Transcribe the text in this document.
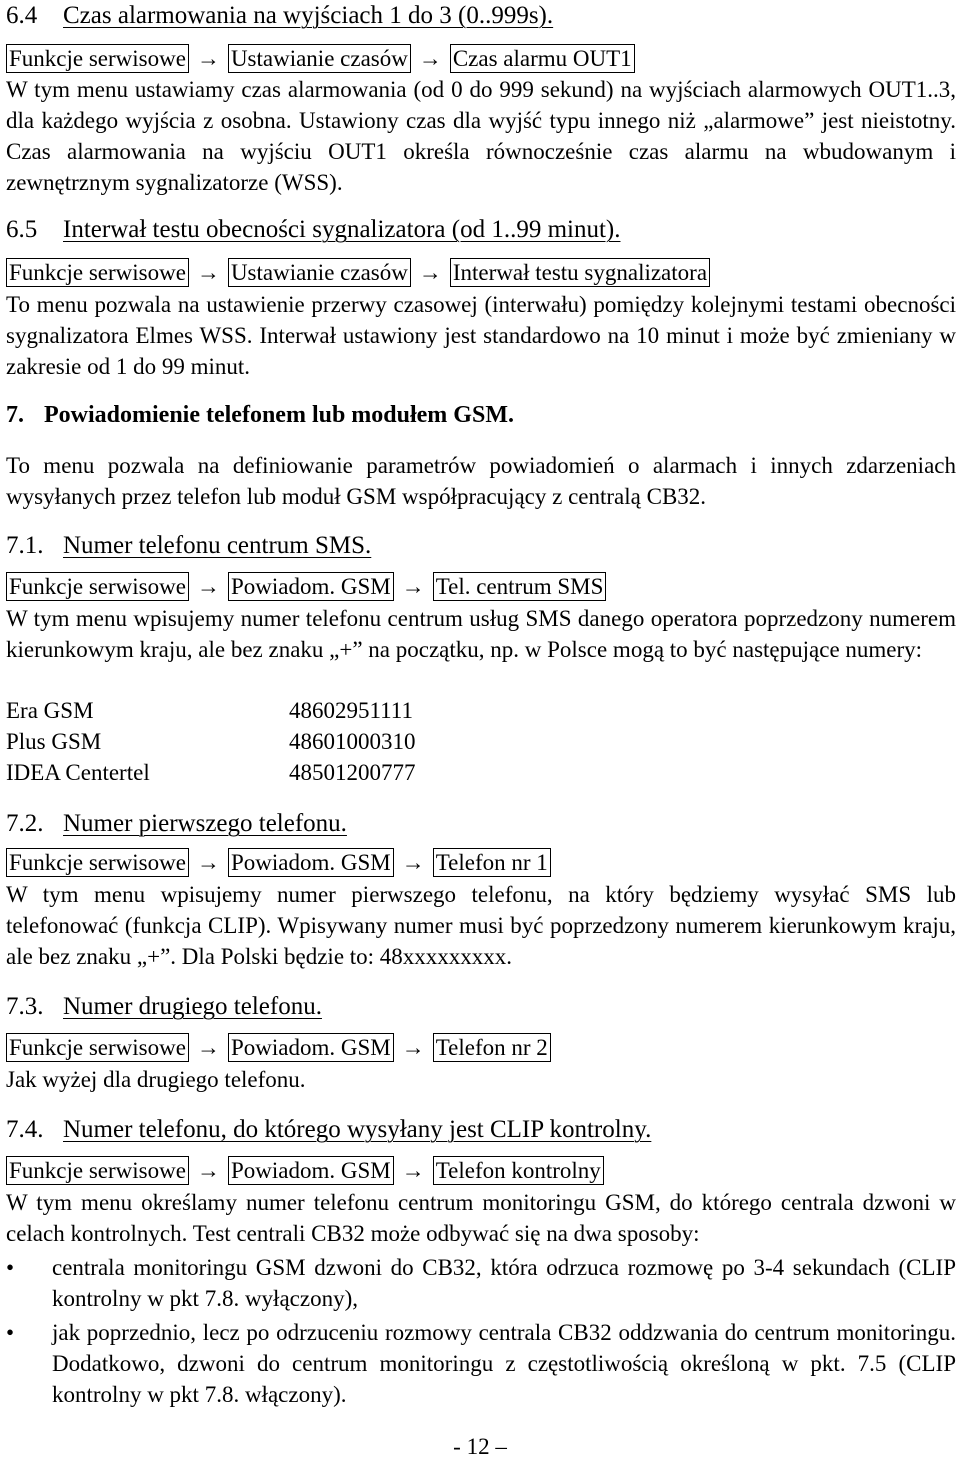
6.4 Czas alarmowania na wyjściach 1 do 3 (0..999s).
Funkcje serwisowe → Ustawianie czasów → Czas alarmu OUT1

W tym menu ustawiamy czas alarmowania (od 0 do 999 sekund) na wyjściach alarmowych OUT1..3, dla każdego wyjścia z osobna. Ustawiony czas dla wyjść typu innego niż „alarmowe” jest nieistotny. Czas alarmowania na wyjściu OUT1 określa równocześnie czas alarmu na wbudowanym i zewnętrznym sygnalizatorze (WSS).

6.5 Interwał testu obecności sygnalizatora (od 1..99 minut).
Funkcje serwisowe → Ustawianie czasów → Interwał testu sygnalizatora

To menu pozwala na ustawienie przerwy czasowej (interwału) pomiędzy kolejnymi testami obecności sygnalizatora Elmes WSS. Interwał ustawiony jest standardowo na 10 minut i może być zmieniany w zakresie od 1 do 99 minut.

7. Powiadomienie telefonem lub modułem GSM.

To menu pozwala na definiowanie parametrów powiadomień o alarmach i innych zdarzeniach wysyłanych przez telefon lub moduł GSM współpracujący z centralą CB32.

7.1. Numer telefonu centrum SMS.
Funkcje serwisowe → Powiadom. GSM → Tel. centrum SMS

W tym menu wpisujemy numer telefonu centrum usług SMS danego operatora poprzedzony numerem kierunkowym kraju, ale bez znaku „+” na początku, np. w Polsce mogą to być następujące numery:

Era GSM	48602951111
Plus GSM	48601000310
IDEA Centertel	48501200777
7.2. Numer pierwszego telefonu.
Funkcje serwisowe → Powiadom. GSM → Telefon nr 1

W tym menu wpisujemy numer pierwszego telefonu, na który będziemy wysyłać SMS lub telefonować (funkcja CLIP). Wpisywany numer musi być poprzedzony numerem kierunkowym kraju, ale bez znaku „+”. Dla Polski będzie to: 48xxxxxxxxx.

7.3. Numer drugiego telefonu.
Funkcje serwisowe → Powiadom. GSM → Telefon nr 2

Jak wyżej dla drugiego telefonu.

7.4. Numer telefonu, do którego wysyłany jest CLIP kontrolny.
Funkcje serwisowe → Powiadom. GSM → Telefon kontrolny

W tym menu określamy numer telefonu centrum monitoringu GSM, do którego centrala dzwoni w celach kontrolnych. Test centrali CB32 może odbywać się na dwa sposoby:

• centrala monitoringu GSM dzwoni do CB32, która odrzuca rozmowę po 3-4 sekundach (CLIP kontrolny w pkt 7.8. wyłączony),
• jak poprzednio, lecz po odrzuceniu rozmowy centrala CB32 oddzwania do centrum monitoringu. Dodatkowo, dzwoni do centrum monitoringu z częstotliwością określoną w pkt. 7.5 (CLIP kontrolny w pkt 7.8. włączony).
- 12 –
